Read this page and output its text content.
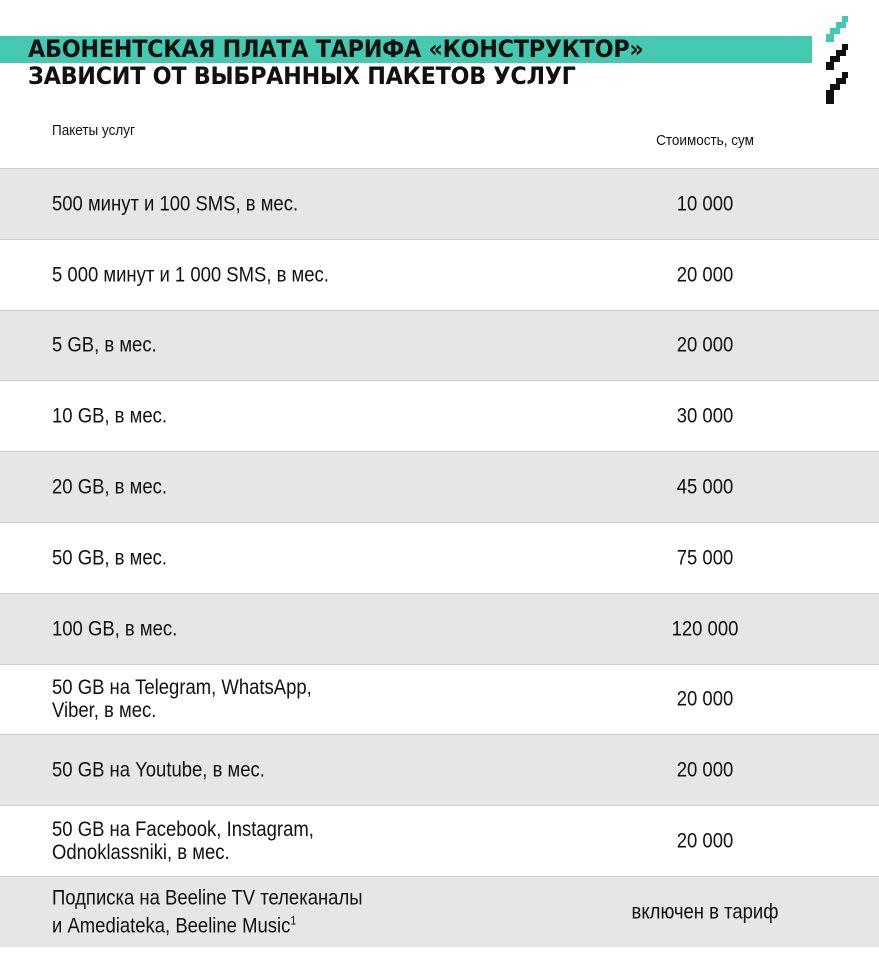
АБОНЕНТСКАЯ ПЛАТА ТАРИФА «КОНСТРУКТОР»
ЗАВИСИТ ОТ ВЫБРАННЫХ ПАКЕТОВ УСЛУГ
Пакеты услуг
Стоимость, сум
500 минут и 100 SMS, в мес.	10 000
5 000 минут и 1 000 SMS, в мес.	20 000
5 GB, в мес.	20 000
10 GB, в мес.	30 000
20 GB, в мес.	45 000
50 GB, в мес.	75 000
100 GB, в мес.	120 000
50 GB на Telegram, WhatsApp,
Viber, в мес.	20 000
50 GB на Youtube, в мес.	20 000
50 GB на Facebook, Instagram,
Odnoklassniki, в мес.	20 000
Подписка на Beeline TV телеканалы
и Amediateka, Beeline Music$^1$	включен в тариф
